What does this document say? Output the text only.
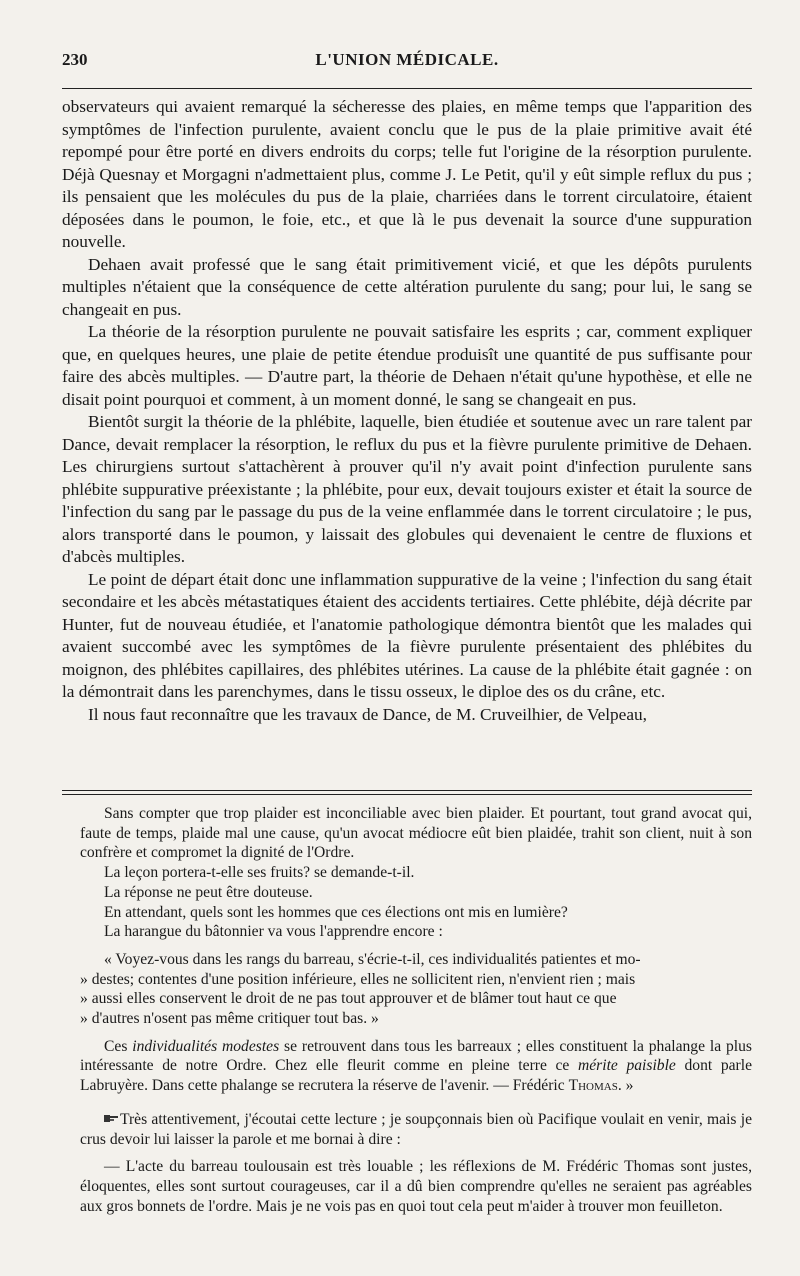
230	L'UNION MÉDICALE.

observateurs qui avaient remarqué la sécheresse des plaies, en même temps que l'apparition des symptômes de l'infection purulente, avaient conclu que le pus de la plaie primitive avait été repompé pour être porté en divers endroits du corps; telle fut l'origine de la résorption purulente. Déjà Quesnay et Morgagni n'admettaient plus, comme J. Le Petit, qu'il y eût simple reflux du pus ; ils pensaient que les molécules du pus de la plaie, charriées dans le torrent circulatoire, étaient déposées dans le poumon, le foie, etc., et que là le pus devenait la source d'une suppuration nouvelle.

Dehaen avait professé que le sang était primitivement vicié, et que les dépôts purulents multiples n'étaient que la conséquence de cette altération purulente du sang; pour lui, le sang se changeait en pus.

La théorie de la résorption purulente ne pouvait satisfaire les esprits ; car, comment expliquer que, en quelques heures, une plaie de petite étendue produisît une quantité de pus suffisante pour faire des abcès multiples. — D'autre part, la théorie de Dehaen n'était qu'une hypothèse, et elle ne disait point pourquoi et comment, à un moment donné, le sang se changeait en pus.

Bientôt surgit la théorie de la phlébite, laquelle, bien étudiée et soutenue avec un rare talent par Dance, devait remplacer la résorption, le reflux du pus et la fièvre purulente primitive de Dehaen. Les chirurgiens surtout s'attachèrent à prouver qu'il n'y avait point d'infection purulente sans phlébite suppurative préexistante ; la phlébite, pour eux, devait toujours exister et était la source de l'infection du sang par le passage du pus de la veine enflammée dans le torrent circulatoire ; le pus, alors transporté dans le poumon, y laissait des globules qui devenaient le centre de fluxions et d'abcès multiples.

Le point de départ était donc une inflammation suppurative de la veine ; l'infection du sang était secondaire et les abcès métastatiques étaient des accidents tertiaires. Cette phlébite, déjà décrite par Hunter, fut de nouveau étudiée, et l'anatomie pathologique démontra bientôt que les malades qui avaient succombé avec les symptômes de la fièvre purulente présentaient des phlébites du moignon, des phlébites capillaires, des phlébites utérines. La cause de la phlébite était gagnée : on la démontrait dans les parenchymes, dans le tissu osseux, le diploe des os du crâne, etc.

Il nous faut reconnaître que les travaux de Dance, de M. Cruveilhier, de Velpeau,

Sans compter que trop plaider est inconciliable avec bien plaider. Et pourtant, tout grand avocat qui, faute de temps, plaide mal une cause, qu'un avocat médiocre eût bien plaidée, trahit son client, nuit à son confrère et compromet la dignité de l'Ordre.

La leçon portera-t-elle ses fruits? se demande-t-il.

La réponse ne peut être douteuse.

En attendant, quels sont les hommes que ces élections ont mis en lumière?

La harangue du bâtonnier va vous l'apprendre encore :

« Voyez-vous dans les rangs du barreau, s'écrie-t-il, ces individualités patientes et mo-

» destes; contentes d'une position inférieure, elles ne sollicitent rien, n'envient rien ; mais

» aussi elles conservent le droit de ne pas tout approuver et de blâmer tout haut ce que

» d'autres n'osent pas même critiquer tout bas. »

Ces individualités modestes se retrouvent dans tous les barreaux ; elles constituent la phalange la plus intéressante de notre Ordre. Chez elle fleurit comme en pleine terre ce mérite paisible dont parle Labruyère. Dans cette phalange se recrutera la réserve de l'avenir. — Frédéric Thomas. »

Très attentivement, j'écoutai cette lecture ; je soupçonnais bien où Pacifique voulait en venir, mais je crus devoir lui laisser la parole et me bornai à dire :

— L'acte du barreau toulousain est très louable ; les réflexions de M. Frédéric Thomas sont justes, éloquentes, elles sont surtout courageuses, car il a dû bien comprendre qu'elles ne seraient pas agréables aux gros bonnets de l'ordre. Mais je ne vois pas en quoi tout cela peut m'aider à trouver mon feuilleton.
